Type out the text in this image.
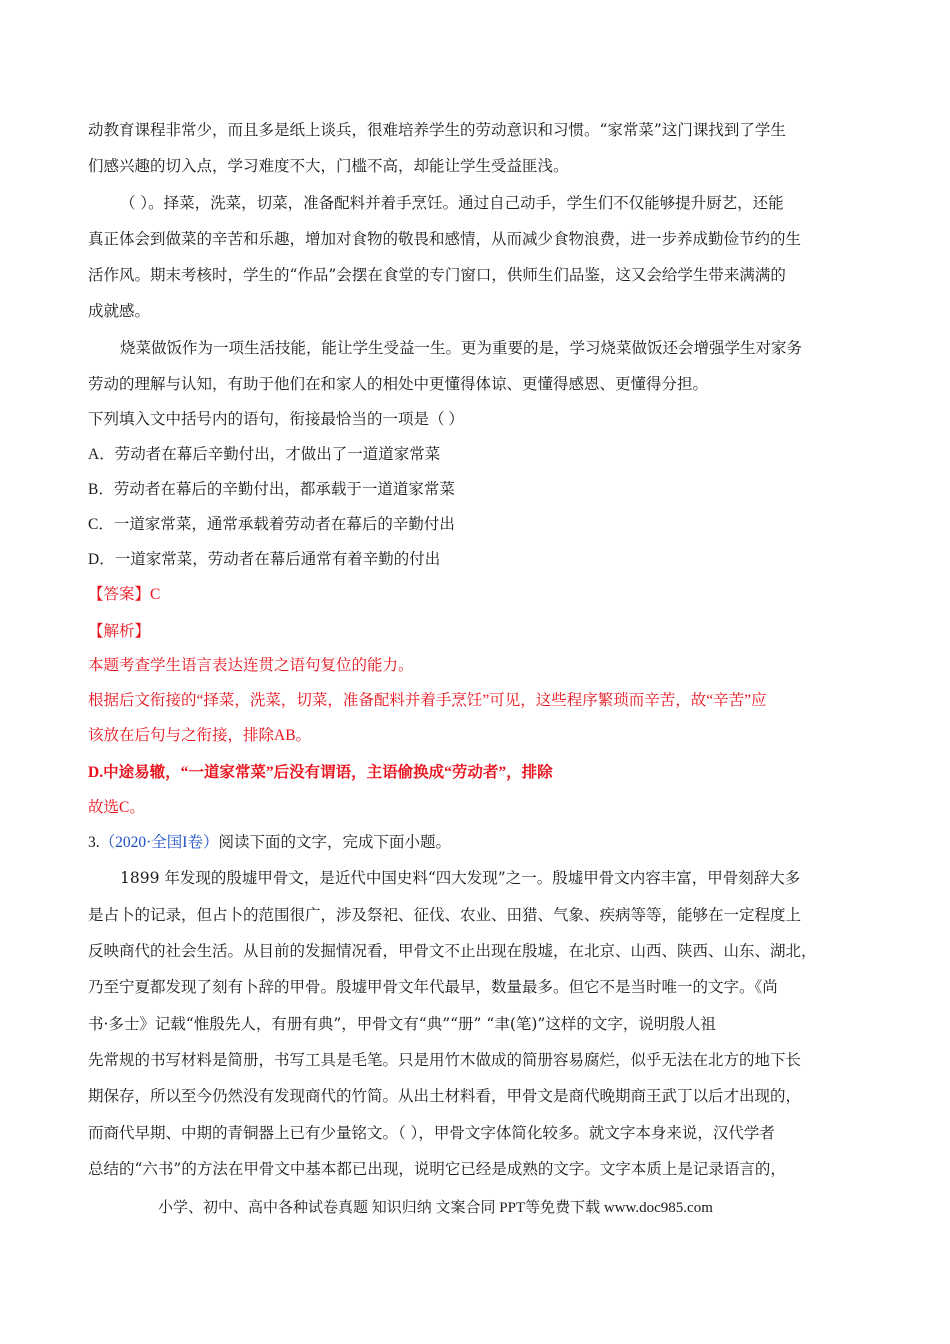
动教育课程非常少，而且多是纸上谈兵，很难培养学生的劳动意识和习惯。“家常菜”这门课找到了学生
们感兴趣的切入点，学习难度不大，门槛不高，却能让学生受益匪浅。
（ ）。择菜，洗菜，切菜，准备配料并着手烹饪。通过自己动手，学生们不仅能够提升厨艺，还能
真正体会到做菜的辛苦和乐趣，增加对食物的敬畏和感情，从而减少食物浪费，进一步养成勤俭节约的生
活作风。期末考核时，学生的“作品”会摆在食堂的专门窗口，供师生们品鉴，这又会给学生带来满满的
成就感。
烧菜做饭作为一项生活技能，能让学生受益一生。更为重要的是，学习烧菜做饭还会增强学生对家务
劳动的理解与认知，有助于他们在和家人的相处中更懂得体谅、更懂得感恩、更懂得分担。
下列填入文中括号内的语句，衔接最恰当的一项是（ ）
A．劳动者在幕后辛勤付出，才做出了一道道家常菜
B．劳动者在幕后的辛勤付出，都承载于一道道家常菜
C．一道家常菜，通常承载着劳动者在幕后的辛勤付出
D．一道家常菜，劳动者在幕后通常有着辛勤的付出
【答案】C
【解析】
本题考查学生语言表达连贯之语句复位的能力。
根据后文衔接的“择菜，洗菜，切菜，准备配料并着手烹饪”可见，这些程序繁琐而辛苦，故“辛苦”应
该放在后句与之衔接，排除AB。
D.中途易辙，“一道家常菜”后没有谓语，主语偷换成“劳动者”，排除
故选C。
3.（2020·全国I卷）阅读下面的文字，完成下面小题。
1899 年发现的殷墟甲骨文，是近代中国史料“四大发现”之一。殷墟甲骨文内容丰富，甲骨刻辞大多
是占卜的记录，但占卜的范围很广，涉及祭祀、征伐、农业、田猎、气象、疾病等等，能够在一定程度上
反映商代的社会生活。从目前的发掘情况看，甲骨文不止出现在殷墟，在北京、山西、陕西、山东、湖北，
乃至宁夏都发现了刻有卜辞的甲骨。殷墟甲骨文年代最早，数量最多。但它不是当时唯一的文字。《尚
书·多士》记载“惟殷先人，有册有典”，甲骨文有“典”“册” “聿(笔)”这样的文字，说明殷人祖
先常规的书写材料是简册，书写工具是毛笔。只是用竹木做成的简册容易腐烂，似乎无法在北方的地下长
期保存，所以至今仍然没有发现商代的竹简。从出土材料看，甲骨文是商代晚期商王武丁以后才出现的，
而商代早期、中期的青铜器上已有少量铭文。（ ），甲骨文字体简化较多。就文字本身来说，汉代学者
总结的“六书”的方法在甲骨文中基本都已出现，说明它已经是成熟的文字。文字本质上是记录语言的，
小学、初中、高中各种试卷真题 知识归纳 文案合同 PPT等免费下载 www.doc985.com
